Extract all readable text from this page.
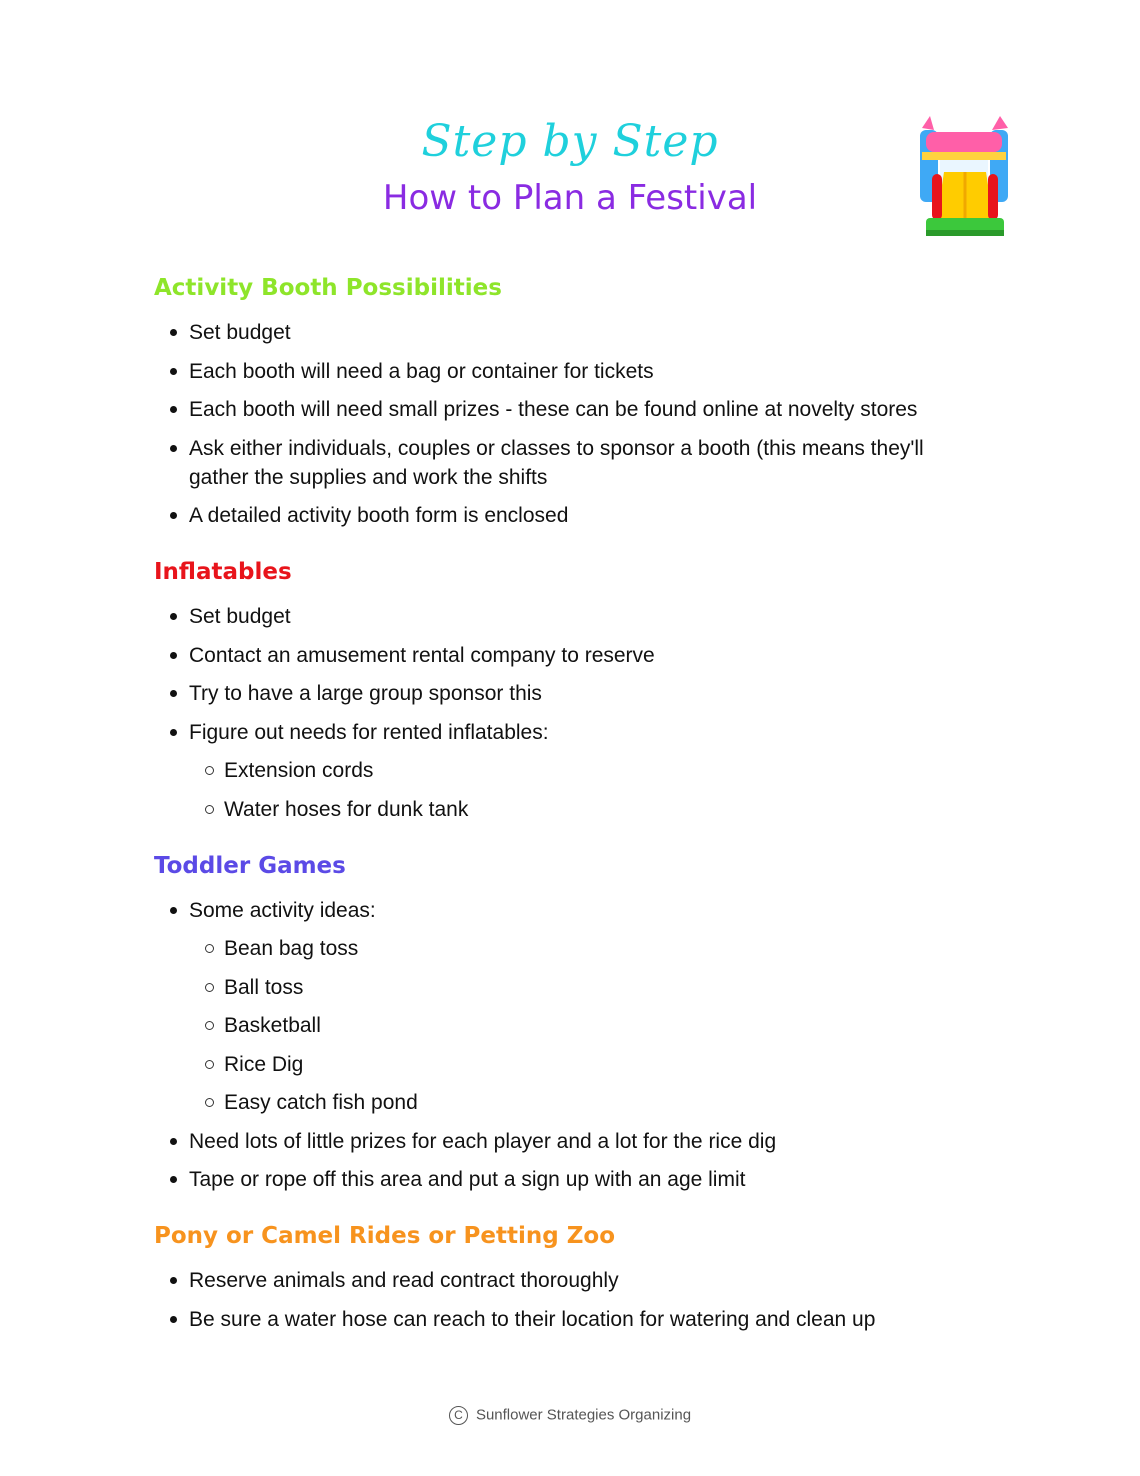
Step by Step
How to Plan a Festival
Activity Booth Possibilities
Set budget
Each booth will need a bag or container for tickets
Each booth will need small prizes - these can be found online at novelty stores
Ask either individuals, couples or classes to sponsor a booth (this means they'll gather the supplies and work the shifts
A detailed activity booth form is enclosed
Inflatables
Set budget
Contact an amusement rental company to reserve
Try to have a large group sponsor this
Figure out needs for rented inflatables:
Extension cords
Water hoses for dunk tank
Toddler Games
Some activity ideas:
Bean bag toss
Ball toss
Basketball
Rice Dig
Easy catch fish pond
Need lots of little prizes for each player and a lot for the rice dig
Tape or rope off this area and put a sign up with an age limit
Pony or Camel Rides or Petting Zoo
Reserve animals and read contract thoroughly
Be sure a water hose can reach to their location for watering and clean up
C Sunflower Strategies Organizing
